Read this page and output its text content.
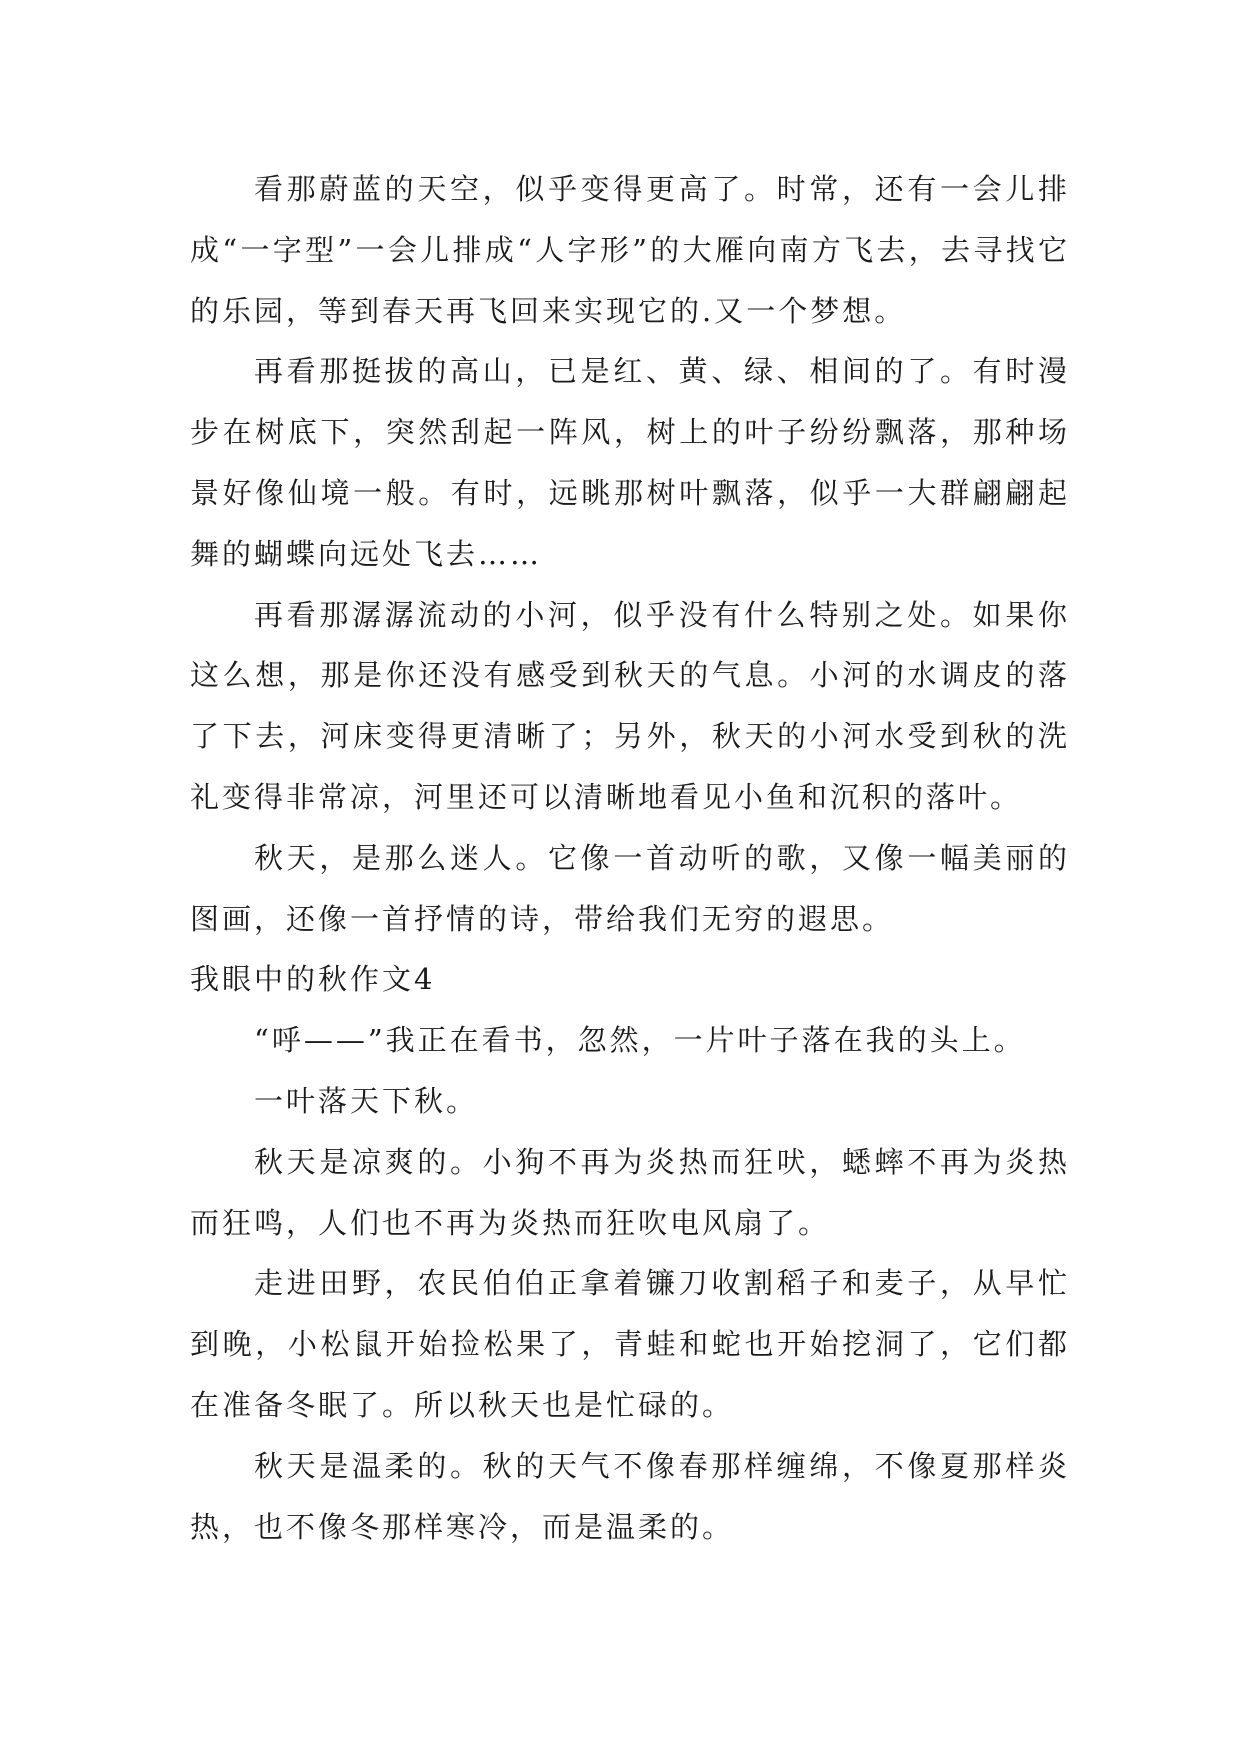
看那蔚蓝的天空，似乎变得更高了。时常，还有一会儿排成“一字型”一会儿排成“人字形”的大雁向南方飞去，去寻找它的乐园，等到春天再飞回来实现它的.又一个梦想。

再看那挺拔的高山，已是红、黄、绿、相间的了。有时漫步在树底下，突然刮起一阵风，树上的叶子纷纷飘落，那种场景好像仙境一般。有时，远眺那树叶飘落，似乎一大群翩翩起舞的蝴蝶向远处飞去……

再看那潺潺流动的小河，似乎没有什么特别之处。如果你这么想，那是你还没有感受到秋天的气息。小河的水调皮的落了下去，河床变得更清晰了；另外，秋天的小河水受到秋的洗礼变得非常凉，河里还可以清晰地看见小鱼和沉积的落叶。

秋天，是那么迷人。它像一首动听的歌，又像一幅美丽的图画，还像一首抒情的诗，带给我们无穷的遐思。

我眼中的秋作文4

“呼——”我正在看书，忽然，一片叶子落在我的头上。

一叶落天下秋。

秋天是凉爽的。小狗不再为炎热而狂吠，蟋蟀不再为炎热而狂鸣，人们也不再为炎热而狂吹电风扇了。

走进田野，农民伯伯正拿着镰刀收割稻子和麦子，从早忙到晚，小松鼠开始捡松果了，青蛙和蛇也开始挖洞了，它们都在准备冬眠了。所以秋天也是忙碌的。

秋天是温柔的。秋的天气不像春那样缠绵，不像夏那样炎热，也不像冬那样寒冷，而是温柔的。
